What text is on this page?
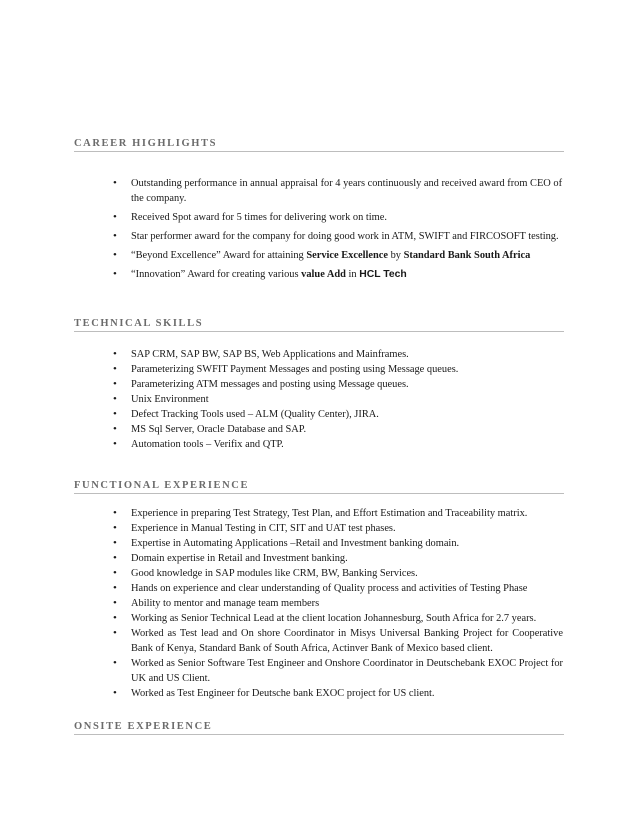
CAREER HIGHLIGHTS
• Outstanding performance in annual appraisal for 4 years continuously and received award from CEO of the company.
• Received Spot award for 5 times for delivering work on time.
• Star performer award for the company for doing good work in ATM, SWIFT and FIRCOSOFT testing.
• “Beyond Excellence” Award for attaining Service Excellence by Standard Bank South Africa
• “Innovation” Award for creating various value Add in HCL Tech
TECHNICAL SKILLS
• SAP CRM, SAP BW, SAP BS, Web Applications and Mainframes.
• Parameterizing SWFIT Payment Messages and posting using Message queues.
• Parameterizing ATM messages and posting using Message queues.
• Unix Environment
• Defect Tracking Tools used – ALM (Quality Center), JIRA.
• MS Sql Server, Oracle Database and SAP.
• Automation tools – Verifix and QTP.
FUNCTIONAL EXPERIENCE
• Experience in preparing Test Strategy, Test Plan, and Effort Estimation and Traceability matrix.
• Experience in Manual Testing in CIT, SIT and UAT test phases.
• Expertise in Automating Applications –Retail and Investment banking domain.
• Domain expertise in Retail and Investment banking.
• Good knowledge in SAP modules like CRM, BW, Banking Services.
• Hands on experience and clear understanding of Quality process and activities of Testing Phase
• Ability to mentor and manage team members
• Working as Senior Technical Lead at the client location Johannesburg, South Africa for 2.7 years.
• Worked as Test lead and On shore Coordinator in Misys Universal Banking Project for Cooperative Bank of Kenya, Standard Bank of South Africa, Actinver Bank of Mexico based client.
• Worked as Senior Software Test Engineer and Onshore Coordinator in Deutschebank EXOC Project for UK and US Client.
• Worked as Test Engineer for Deutsche bank EXOC project for US client.
ONSITE EXPERIENCE
